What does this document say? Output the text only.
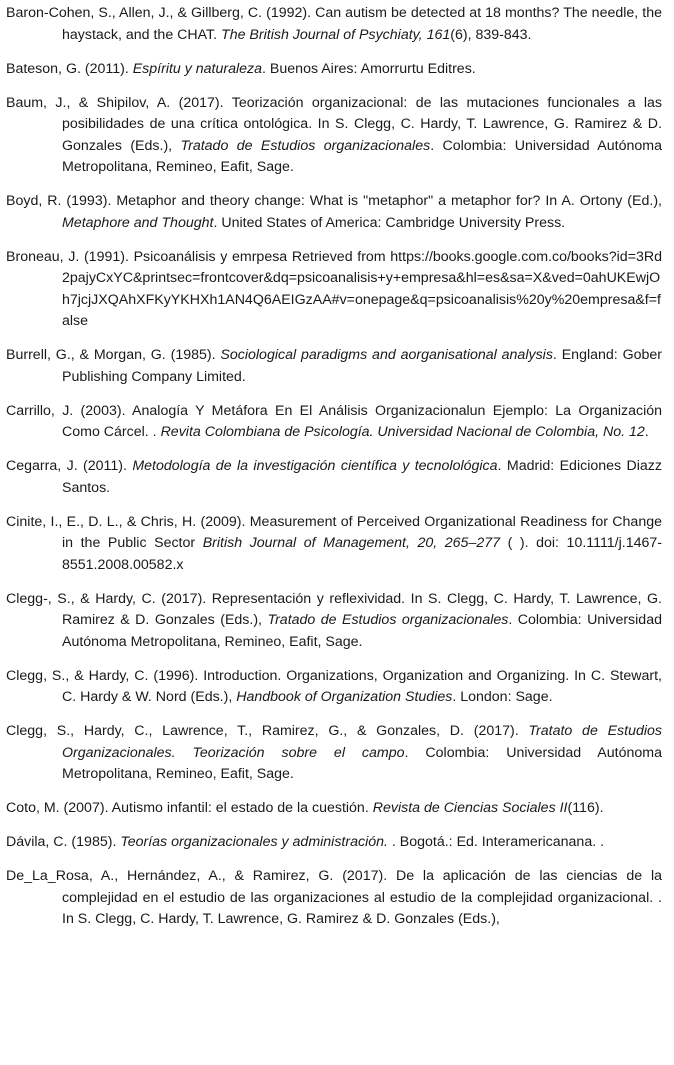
Baron-Cohen, S., Allen, J., & Gillberg, C. (1992). Can autism be detected at 18 months? The needle, the haystack, and the CHAT. The British Journal of Psychiaty, 161(6), 839-843.

Bateson, G. (2011). Espíritu y naturaleza. Buenos Aires: Amorrurtu Editres.

Baum, J., & Shipilov, A. (2017). Teorización organizacional: de las mutaciones funcionales a las posibilidades de una crítica ontológica. In S. Clegg, C. Hardy, T. Lawrence, G. Ramirez & D. Gonzales (Eds.), Tratado de Estudios organizacionales. Colombia: Universidad Autónoma Metropolitana, Remineo, Eafit, Sage.

Boyd, R. (1993). Metaphor and theory change: What is "metaphor" a metaphor for? In A. Ortony (Ed.), Metaphore and Thought. United States of America: Cambridge University Press.

Broneau, J. (1991). Psicoanálisis y emrpesa Retrieved from https://books.google.com.co/books?id=3Rd2pajyCxYC&printsec=frontcover&dq=psicoanalisis+y+empresa&hl=es&sa=X&ved=0ahUKEwjOh7jcjJXQAhXFKyYKHXh1AN4Q6AEIGzAA#v=onepage&q=psicoanalisis%20y%20empresa&f=false

Burrell, G., & Morgan, G. (1985). Sociological paradigms and aorganisational analysis. England: Gober Publishing Company Limited.

Carrillo, J. (2003). Analogía Y Metáfora En El Análisis Organizacionalun Ejemplo: La Organización Como Cárcel. . Revita Colombiana de Psicología. Universidad Nacional de Colombia, No. 12.

Cegarra, J. (2011). Metodología de la investigación científica y tecnolológica. Madrid: Ediciones Diazz Santos.

Cinite, I., E., D. L., & Chris, H. (2009). Measurement of Perceived Organizational Readiness for Change in the Public Sector British Journal of Management, 20, 265–277 ( ). doi: 10.1111/j.1467-8551.2008.00582.x

Clegg-, S., & Hardy, C. (2017). Representación y reflexividad. In S. Clegg, C. Hardy, T. Lawrence, G. Ramirez & D. Gonzales (Eds.), Tratado de Estudios organizacionales. Colombia: Universidad Autónoma Metropolitana, Remineo, Eafit, Sage.

Clegg, S., & Hardy, C. (1996). Introduction. Organizations, Organization and Organizing. In C. Stewart, C. Hardy & W. Nord (Eds.), Handbook of Organization Studies. London: Sage.

Clegg, S., Hardy, C., Lawrence, T., Ramirez, G., & Gonzales, D. (2017). Tratato de Estudios Organizacionales. Teorización sobre el campo. Colombia: Universidad Autónoma Metropolitana, Remineo, Eafit, Sage.

Coto, M. (2007). Autismo infantil: el estado de la cuestión. Revista de Ciencias Sociales II(116).

Dávila, C. (1985). Teorías organizacionales y administración. . Bogotá.: Ed. Interamericanana. .

De_La_Rosa, A., Hernández, A., & Ramirez, G. (2017). De la aplicación de las ciencias de la complejidad en el estudio de las organizaciones al estudio de la complejidad organizacional. . In S. Clegg, C. Hardy, T. Lawrence, G. Ramirez & D. Gonzales (Eds.),
